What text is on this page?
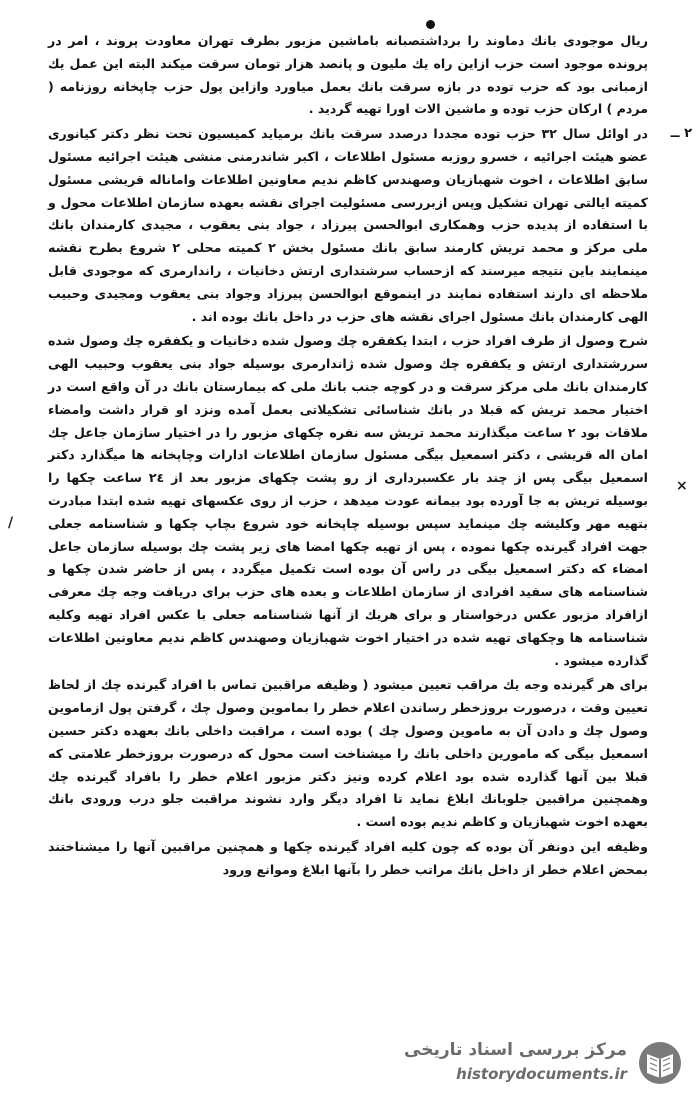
ریال موجودی بانك دماوند را برداشتصبانه باماشین مزبور بطرف تهران معاودت پروند ، امر در پرونده موجود است حزب ازاین راه یك ملیون و پانصد هزار تومان سرقت میکند البته این عمل یك ازمبانی بود كه حزب توده در بازه سرقت بانك بعمل میاورد وازاین پول حزب چاپخانه روزنامه ( مردم ) ارکان حزب توده و ماشین الات اورا تهیه گردید .

٢ ــ
در اوائل سال ٣٢ حزب توده مجددا درصدد سرقت بانك برمیاید کمیسیون تحت نظر دکتر کیانوری عضو هیئت اجرائیه ، خسرو روزبه مسئول اطلاعات ، اکبر شاندرمنی منشی هیئت اجرائیه مسئول سابق اطلاعات ، اخوت شهبازیان وصهندس کاظم ندیم معاونین اطلاعات واماناله قریشی مسئول کمیته ایالتی تهران تشکیل وپس ازبررسی مسئولیت اجرای نقشه بعهده سازمان اطلاعات محول و با استفاده از پدیده حزب وهمکاری ابوالحسن پیرزاد ، جواد بنی یعقوب ، مجیدی كارمندان بانك ملی مرکز و محمد تریش کارمند سابق بانك مسئول بخش ٢ کمیته محلی ٢ شروع بطرح نقشه مینمایند باین نتیجه میرسند که ازحساب سرشتداری ارتش دخانیات ، راندارمری که موجودی قابل ملاحظه ای دارند استفاده نمایند در اینموقع ابوالحسن پیرزاد وجواد بنی یعقوب ومجیدی وحبیب الهی کارمندان بانك مسئول اجرای نقشه های حزب در داخل بانك بوده اند .

شرح وصول از طرف افراد حزب ، ابتدا یکفقره چك وصول شده دخانیات و یکفقره چك وصول شده سررشتداری ارتش و یکفقره چك وصول شده ژاندارمری بوسیله جواد بنی یعقوب وحبیب الهی کارمندان بانك ملی مرکز سرقت و در کوچه جنب بانك ملی که بیمارستان بانك در آن واقع است در اختیار محمد تریش که قبلا در بانك شناسائی تشکیلاتی بعمل آمده ونزد او قرار داشت وامضاء ملاقات بود ٢ ساعت میگذارند محمد تریش سه نفره چکهای مزبور را در اختیار سازمان جاعل چك امان اله قریشی ، دکتر اسمعیل بیگی مسئول سازمان اطلاعات ادارات وچاپخانه ها میگذارد دکتر اسمعیل بیگی پس از چند بار عکسبرداری از رو پشت چکهای مزبور بعد از ٢٤ ساعت چکها را بوسیله تریش به جا آورده بود بیمانه عودت میدهد ، حزب از روی عکسهای تهیه شده ابتدا مبادرت بتهیه مهر وکلیشه چك مینماید سپس بوسیله چاپخانه خود شروع بچاپ چکها و شناسنامه جعلی جهت افراد گیرنده چکها نموده ، پس از تهیه چکها امضا های زیر پشت چك بوسیله سازمان جاعل امضاء که دکتر اسمعیل بیگی در راس آن بوده است تکمیل میگردد ، پس از حاضر شدن چکها و شناسنامه های سفید افرادی از سازمان اطلاعات و بعده های حزب برای دریافت وجه چك معرفی ازافراد مزبور عکس درخواستار و برای هریك از آنها شناسنامه جعلی با عکس افراد تهیه وکلیه شناسنامه ها وچکهای تهیه شده در اختیار اخوت شهبازیان وصهندس کاظم ندیم معاونین اطلاعات گذارده میشود .

برای هر گیرنده وجه یك مراقب تعیین میشود ( وظیفه مراقبین تماس با افراد گیرنده چك از لحاظ تعیین وقت ، درصورت بروزخطر رساندن اعلام خطر را بماموین وصول چك ، گرفتن پول ازماموین وصول چك و دادن آن به ماموین وصول چك ) بوده است ، مراقبت داخلی بانك بعهده دکتر حسین اسمعیل بیگی که مامورین داخلی بانك را میشناخت است محول که درصورت بروزخطر علامتی که قبلا بین آنها گذارده شده بود اعلام کرده ونیز دکتر مزبور اعلام خطر را بافراد گیرنده چك وهمچنین مراقبین جلوبانك ابلاغ نماید تا افراد دیگر وارد نشوند مراقبت جلو درب ورودی بانك بعهده اخوت شهبازیان و کاظم ندیم بوده است .

وظیفه این دونفر آن بوده که چون کلیه افراد گیرنده چکها و همچنین مراقبین آنها را میشناختند بمحض اعلام خطر از داخل بانك مراتب خطر را بآنها ابلاغ وموانع ورود

×
/
مرکز بررسی اسناد تاریخی
historydocuments.ir
